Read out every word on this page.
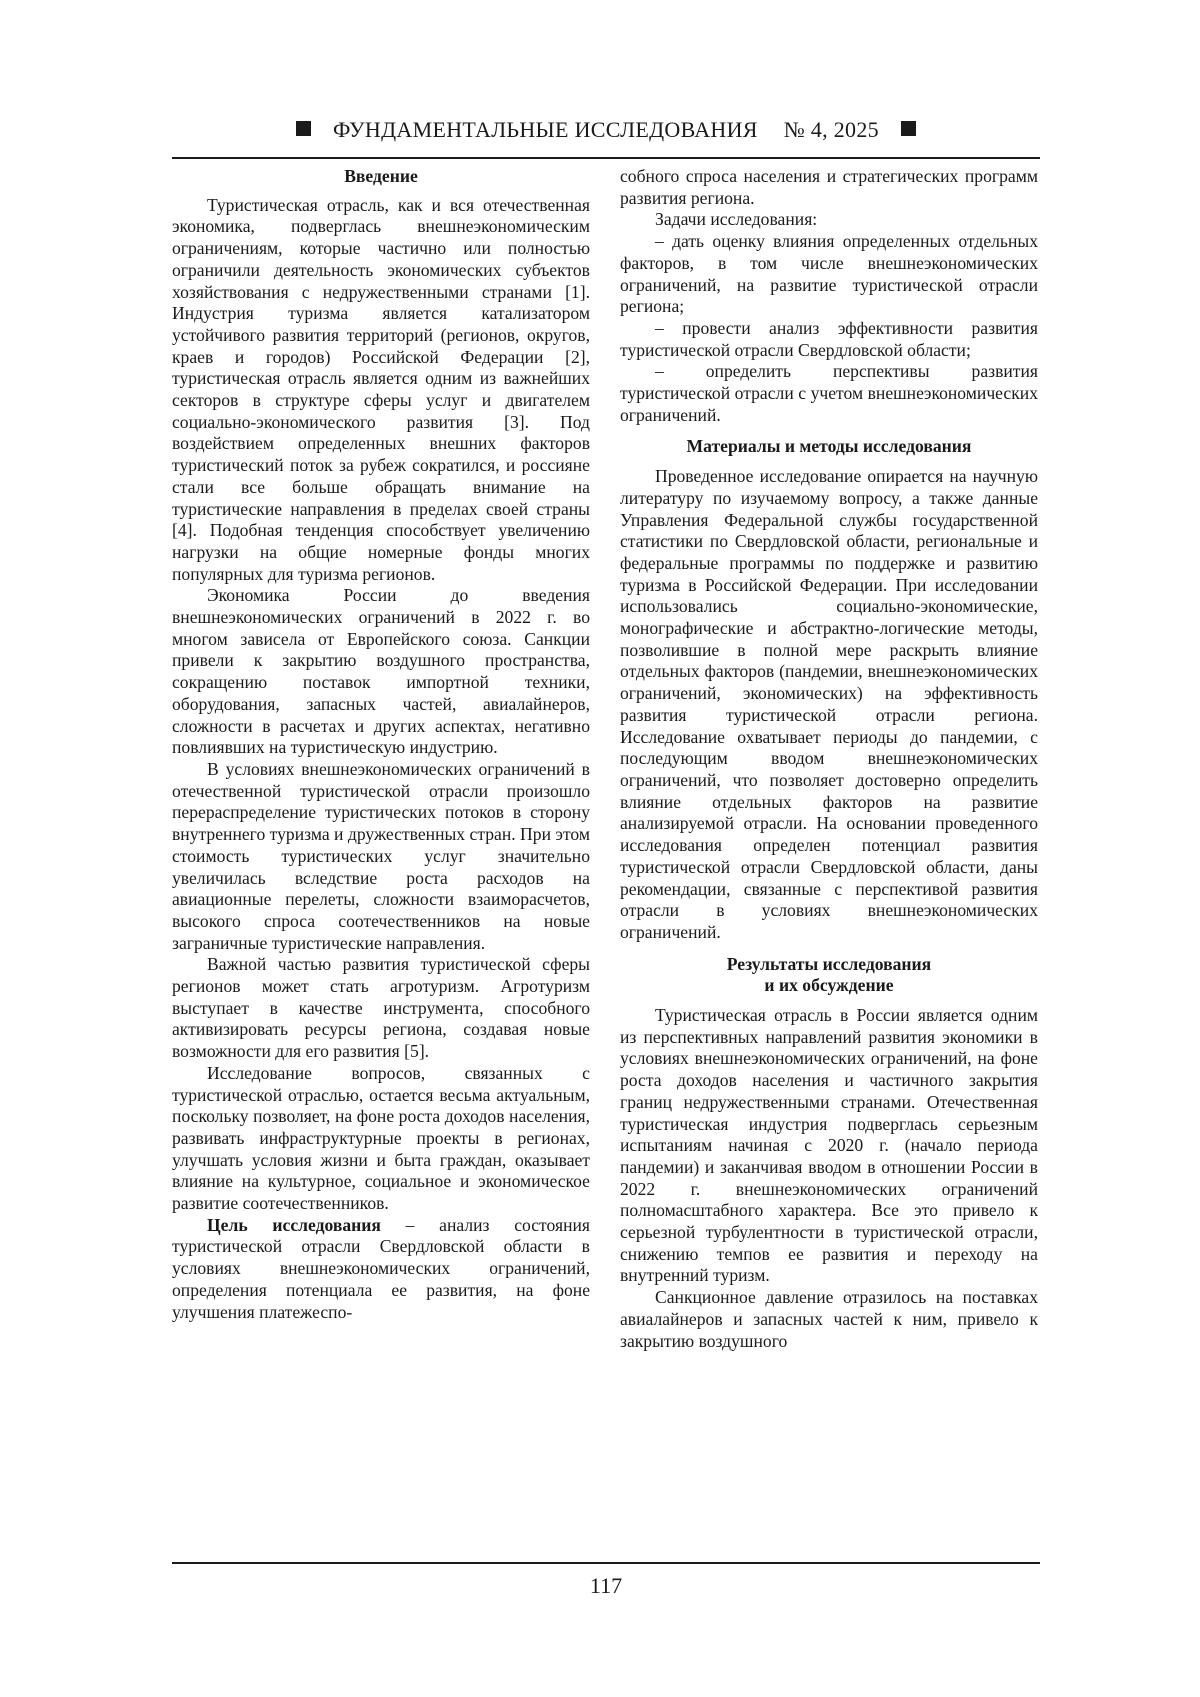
ФУНДАМЕНТАЛЬНЫЕ ИССЛЕДОВАНИЯ № 4, 2025
Введение

Туристическая отрасль, как и вся отечественная экономика, подверглась внешнеэкономическим ограничениям, которые частично или полностью ограничили деятельность экономических субъектов хозяйствования с недружественными странами [1]. Индустрия туризма является катализатором устойчивого развития территорий (регионов, округов, краев и городов) Российской Федерации [2], туристическая отрасль является одним из важнейших секторов в структуре сферы услуг и двигателем социально-экономического развития [3]. Под воздействием определенных внешних факторов туристический поток за рубеж сократился, и россияне стали все больше обращать внимание на туристические направления в пределах своей страны [4]. Подобная тенденция способствует увеличению нагрузки на общие номерные фонды многих популярных для туризма регионов.

Экономика России до введения внешнеэкономических ограничений в 2022 г. во многом зависела от Европейского союза. Санкции привели к закрытию воздушного пространства, сокращению поставок импортной техники, оборудования, запасных частей, авиалайнеров, сложности в расчетах и других аспектах, негативно повлиявших на туристическую индустрию.

В условиях внешнеэкономических ограничений в отечественной туристической отрасли произошло перераспределение туристических потоков в сторону внутреннего туризма и дружественных стран. При этом стоимость туристических услуг значительно увеличилась вследствие роста расходов на авиационные перелеты, сложности взаиморасчетов, высокого спроса соотечественников на новые заграничные туристические направления.

Важной частью развития туристической сферы регионов может стать агротуризм. Агротуризм выступает в качестве инструмента, способного активизировать ресурсы региона, создавая новые возможности для его развития [5].

Исследование вопросов, связанных с туристической отраслью, остается весьма актуальным, поскольку позволяет, на фоне роста доходов населения, развивать инфраструктурные проекты в регионах, улучшать условия жизни и быта граждан, оказывает влияние на культурное, социальное и экономическое развитие соотечественников.

Цель исследования – анализ состояния туристической отрасли Свердловской области в условиях внешнеэкономических ограничений, определения потенциала ее развития, на фоне улучшения платежеспо-

собного спроса населения и стратегических программ развития региона.

Задачи исследования:

– дать оценку влияния определенных отдельных факторов, в том числе внешнеэкономических ограничений, на развитие туристической отрасли региона;

– провести анализ эффективности развития туристической отрасли Свердловской области;

– определить перспективы развития туристической отрасли с учетом внешнеэкономических ограничений.

Материалы и методы исследования

Проведенное исследование опирается на научную литературу по изучаемому вопросу, а также данные Управления Федеральной службы государственной статистики по Свердловской области, региональные и федеральные программы по поддержке и развитию туризма в Российской Федерации. При исследовании использовались социально-экономические, монографические и абстрактно-логические методы, позволившие в полной мере раскрыть влияние отдельных факторов (пандемии, внешнеэкономических ограничений, экономических) на эффективность развития туристической отрасли региона. Исследование охватывает периоды до пандемии, с последующим вводом внешнеэкономических ограничений, что позволяет достоверно определить влияние отдельных факторов на развитие анализируемой отрасли. На основании проведенного исследования определен потенциал развития туристической отрасли Свердловской области, даны рекомендации, связанные с перспективой развития отрасли в условиях внешнеэкономических ограничений.

Результаты исследования
и их обсуждение

Туристическая отрасль в России является одним из перспективных направлений развития экономики в условиях внешнеэкономических ограничений, на фоне роста доходов населения и частичного закрытия границ недружественными странами. Отечественная туристическая индустрия подверглась серьезным испытаниям начиная с 2020 г. (начало периода пандемии) и заканчивая вводом в отношении России в 2022 г. внешнеэкономических ограничений полномасштабного характера. Все это привело к серьезной турбулентности в туристической отрасли, снижению темпов ее развития и переходу на внутренний туризм.

Санкционное давление отразилось на поставках авиалайнеров и запасных частей к ним, привело к закрытию воздушного

117
